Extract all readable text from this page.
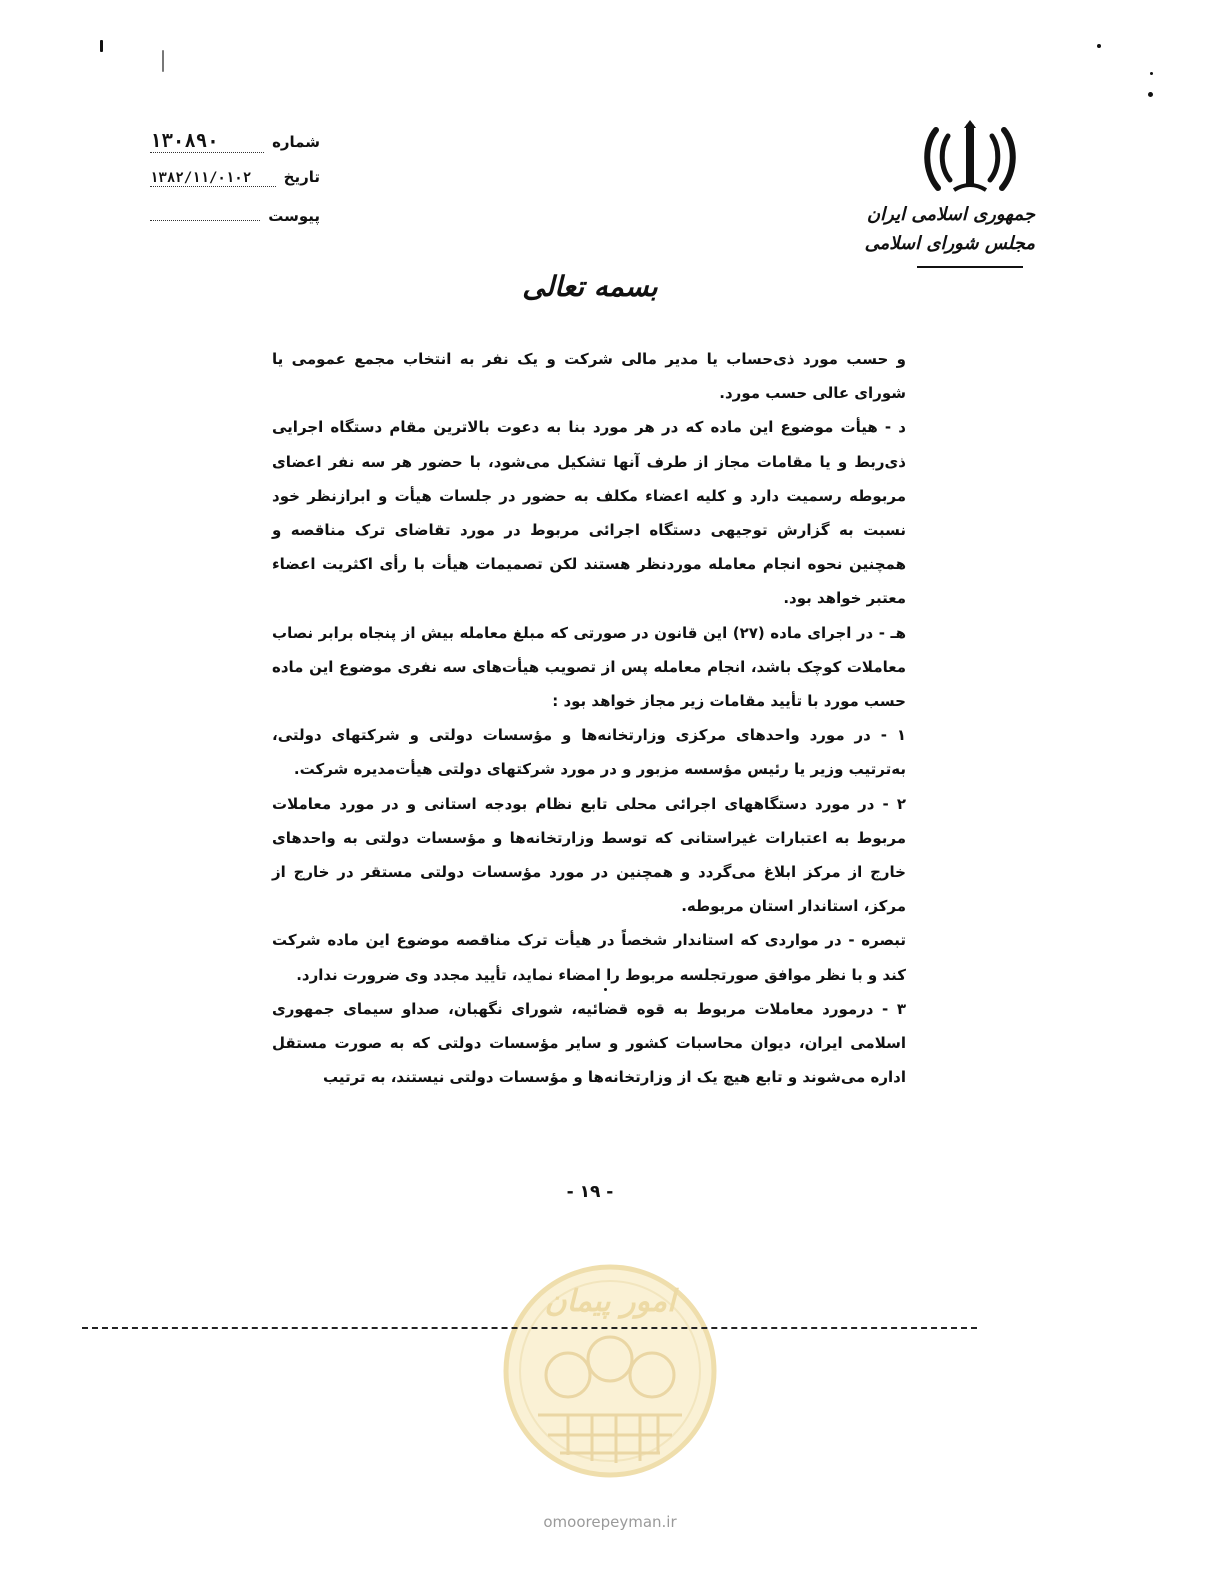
شماره
۱۳۰۸۹۰
تاریخ
۱۳۸۲/۱۱/۰۱۰۲
پیوست	جمهوری اسلامی ایران
مجلس شورای اسلامی
بسمه تعالی

و حسب مورد ذی‌حساب یا مدیر مالی شرکت و یک نفر به انتخاب مجمع عمومی یا شورای عالی حسب مورد.

د - هیأت موضوع این ماده که در هر مورد بنا به دعوت بالاترین مقام دستگاه اجرایی ذی‌ربط و یا مقامات مجاز از طرف آنها تشکیل می‌شود، با حضور هر سه نفر اعضای مربوطه رسمیت دارد و کلیه اعضاء مکلف به حضور در جلسات هیأت و ابرازنظر خود نسبت به گزارش توجیهی دستگاه اجرائی مربوط در مورد تقاضای ترک مناقصه و همچنین نحوه انجام معامله موردنظر هستند لکن تصمیمات هیأت با رأی اکثریت اعضاء معتبر خواهد بود.

هـ - در اجرای ماده (۲۷) این قانون در صورتی که مبلغ معامله بیش از پنجاه برابر نصاب معاملات کوچک باشد، انجام معامله پس از تصویب هیأت‌های سه نفری موضوع این ماده حسب مورد با تأیید مقامات زیر مجاز خواهد بود :

۱ - در مورد واحدهای مرکزی وزارتخانه‌ها و مؤسسات دولتی و شرکتهای دولتی، به‌ترتیب وزیر یا رئیس مؤسسه مزبور و در مورد شرکتهای دولتی هیأت‌مدیره شرکت.

۲ - در مورد دستگاههای اجرائی محلی تابع نظام بودجه استانی و در مورد معاملات مربوط به اعتبارات غیراستانی که توسط وزارتخانه‌ها و مؤسسات دولتی به واحدهای خارج از مرکز ابلاغ می‌گردد و همچنین در مورد مؤسسات دولتی مستقر در خارج از مرکز، استاندار استان مربوطه.

تبصره - در مواردی که استاندار شخصاً در هیأت ترک مناقصه موضوع این ماده شرکت کند و با نظر موافق صورتجلسه مربوط را امضاء نماید، تأیید مجدد وی ضرورت ندارد.

۳ - درمورد معاملات مربوط به قوه قضائیه، شورای نگهبان، صداو سیمای جمهوری اسلامی ایران، دیوان محاسبات کشور و سایر مؤسسات دولتی که به صورت مستقل اداره می‌شوند و تابع هیچ یک از وزارتخانه‌ها و مؤسسات دولتی نیستند، به ترتیب

- ۱۹ -
امور پیمان
omoorepeyman.ir
